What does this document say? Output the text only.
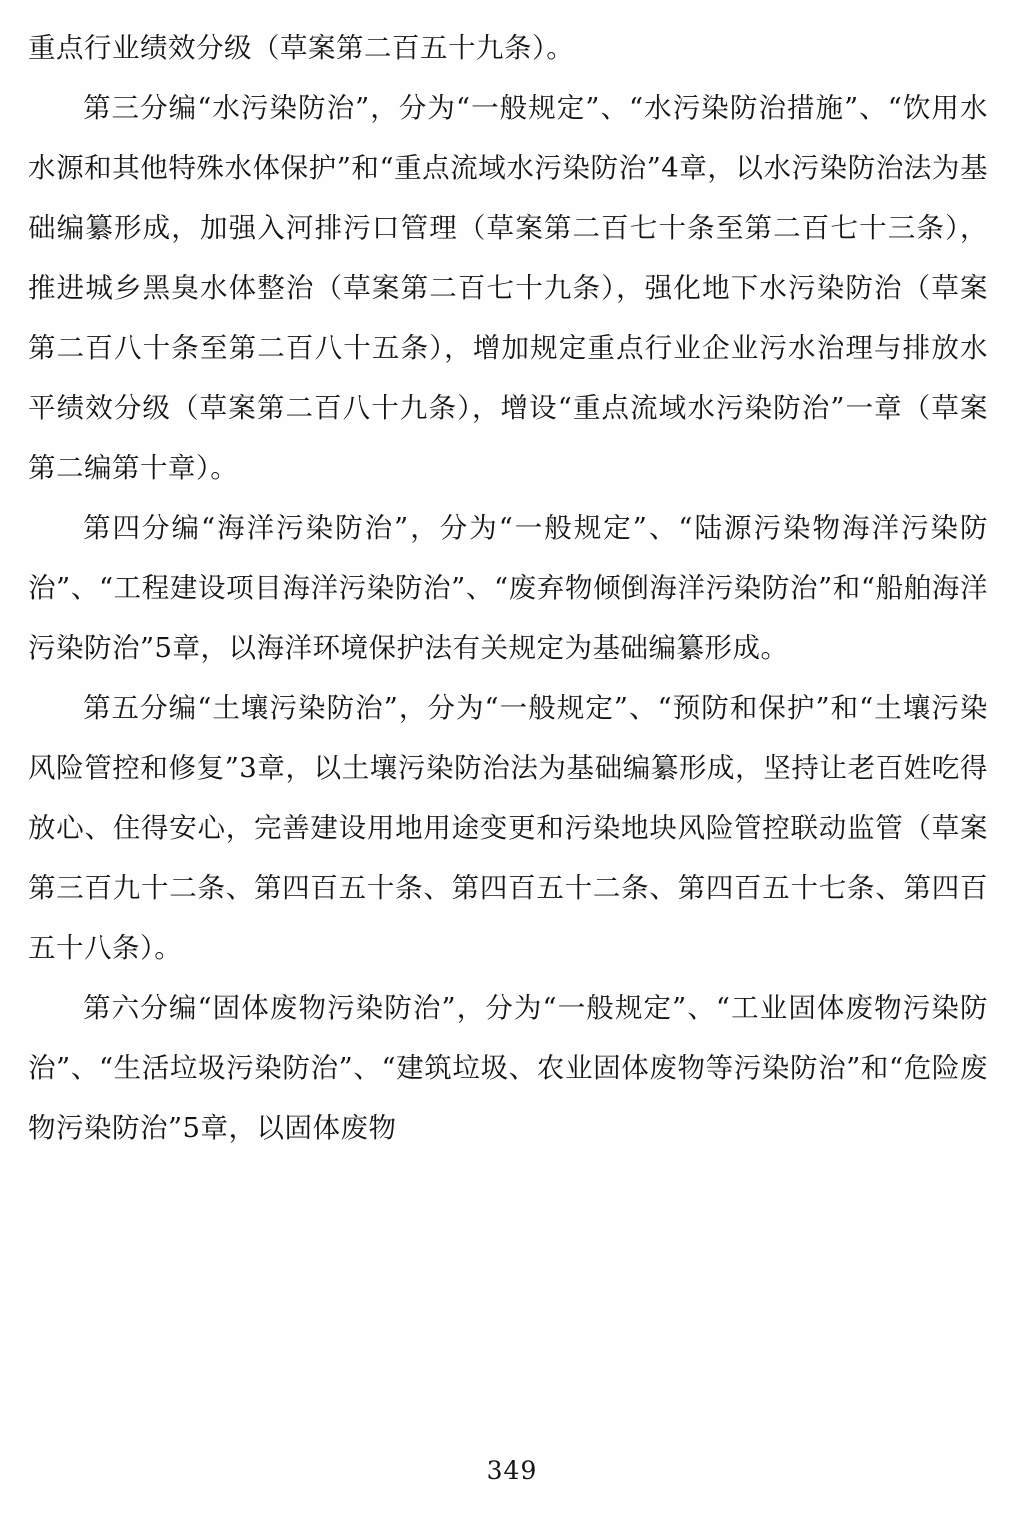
重点行业绩效分级（草案第二百五十九条）。

第三分编“水污染防治”，分为“一般规定”、“水污染防治措施”、“饮用水水源和其他特殊水体保护”和“重点流域水污染防治”4章，以水污染防治法为基础编纂形成，加强入河排污口管理（草案第二百七十条至第二百七十三条），推进城乡黑臭水体整治（草案第二百七十九条），强化地下水污染防治（草案第二百八十条至第二百八十五条），增加规定重点行业企业污水治理与排放水平绩效分级（草案第二百八十九条），增设“重点流域水污染防治”一章（草案第二编第十章）。

第四分编“海洋污染防治”，分为“一般规定”、“陆源污染物海洋污染防治”、“工程建设项目海洋污染防治”、“废弃物倾倒海洋污染防治”和“船舶海洋污染防治”5章，以海洋环境保护法有关规定为基础编纂形成。

第五分编“土壤污染防治”，分为“一般规定”、“预防和保护”和“土壤污染风险管控和修复”3章，以土壤污染防治法为基础编纂形成，坚持让老百姓吃得放心、住得安心，完善建设用地用途变更和污染地块风险管控联动监管（草案第三百九十二条、第四百五十条、第四百五十二条、第四百五十七条、第四百五十八条）。

第六分编“固体废物污染防治”，分为“一般规定”、“工业固体废物污染防治”、“生活垃圾污染防治”、“建筑垃圾、农业固体废物等污染防治”和“危险废物污染防治”5章，以固体废物

349
